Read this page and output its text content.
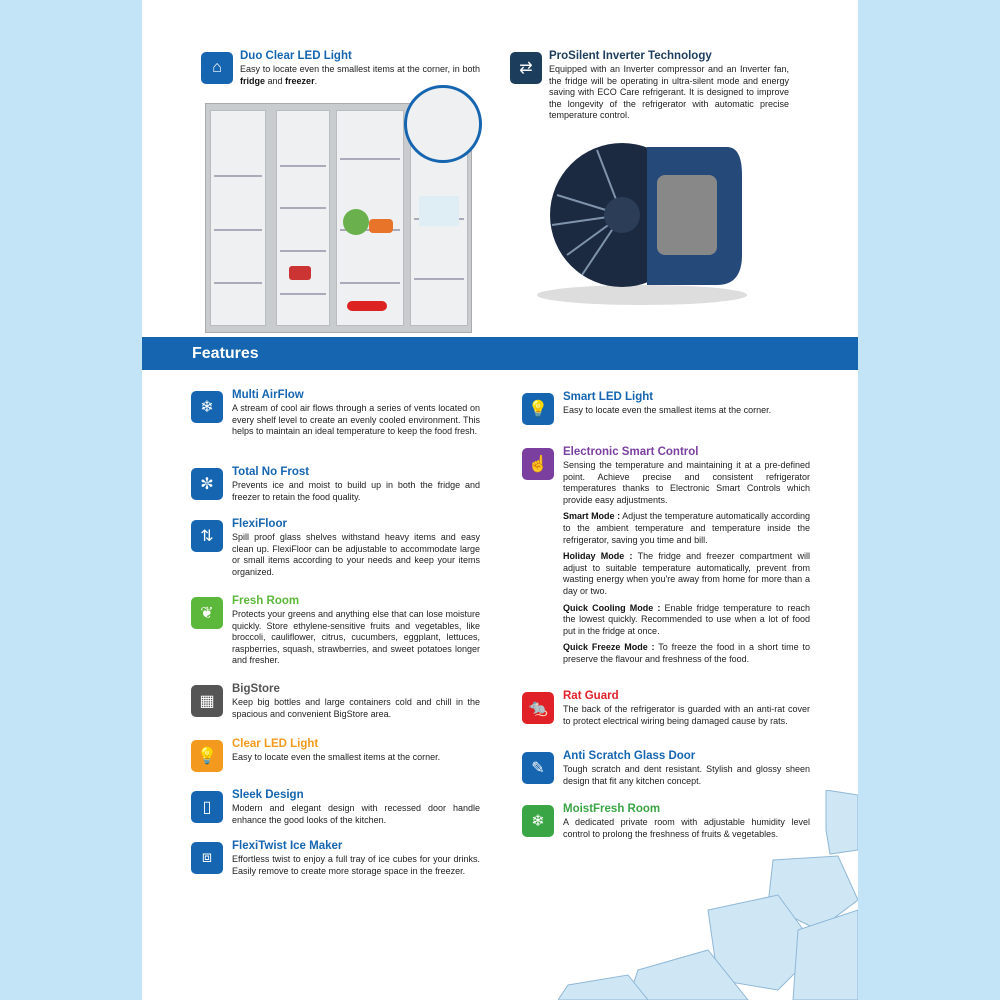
⌂
Duo Clear LED Light
Easy to locate even the smallest items at the corner, in both fridge and freezer.
⇄
ProSilent Inverter Technology
Equipped with an Inverter compressor and an Inverter fan, the fridge will be operating in ultra-silent mode and energy saving with ECO Care refrigerant. It is designed to improve the longevity of the refrigerator with automatic precise temperature control.
Features
❄
Multi AirFlow

A stream of cool air flows through a series of vents located on every shelf level to create an evenly cooled environment. This helps to maintain an ideal temperature to keep the food fresh.

✼
Total No Frost

Prevents ice and moist to build up in both the fridge and freezer to retain the food quality.

⇅
FlexiFloor

Spill proof glass shelves withstand heavy items and easy clean up. FlexiFloor can be adjustable to accommodate large or small items according to your needs and keep your items organized.

❦
Fresh Room

Protects your greens and anything else that can lose moisture quickly. Store ethylene-sensitive fruits and vegetables, like broccoli, cauliflower, citrus, cucumbers, eggplant, lettuces, raspberries, squash, strawberries, and sweet potatoes longer and fresher.

▦
BigStore

Keep big bottles and large containers cold and chill in the spacious and convenient BigStore area.

💡
Clear LED Light

Easy to locate even the smallest items at the corner.

▯
Sleek Design

Modern and elegant design with recessed door handle enhance the good looks of the kitchen.

⧈
FlexiTwist Ice Maker

Effortless twist to enjoy a full tray of ice cubes for your drinks. Easily remove to create more storage space in the freezer.

💡
Smart LED Light

Easy to locate even the smallest items at the corner.

☝
Electronic Smart Control

Sensing the temperature and maintaining it at a pre-defined point. Achieve precise and consistent refrigerator temperatures thanks to Electronic Smart Controls which provide easy adjustments.

Smart Mode : Adjust the temperature automatically according to the ambient temperature and temperature inside the refrigerator, saving you time and bill.

Holiday Mode : The fridge and freezer compartment will adjust to suitable temperature automatically, prevent from wasting energy when you're away from home for more than a day or two.

Quick Cooling Mode : Enable fridge temperature to reach the lowest quickly. Recommended to use when a lot of food put in the fridge at once.

Quick Freeze Mode : To freeze the food in a short time to preserve the flavour and freshness of the food.

🐀
Rat Guard

The back of the refrigerator is guarded with an anti-rat cover to protect electrical wiring being damaged cause by rats.

✎
Anti Scratch Glass Door

Tough scratch and dent resistant. Stylish and glossy sheen design that fit any kitchen concept.

❄
MoistFresh Room

A dedicated private room with adjustable humidity level control to prolong the freshness of fruits & vegetables.
